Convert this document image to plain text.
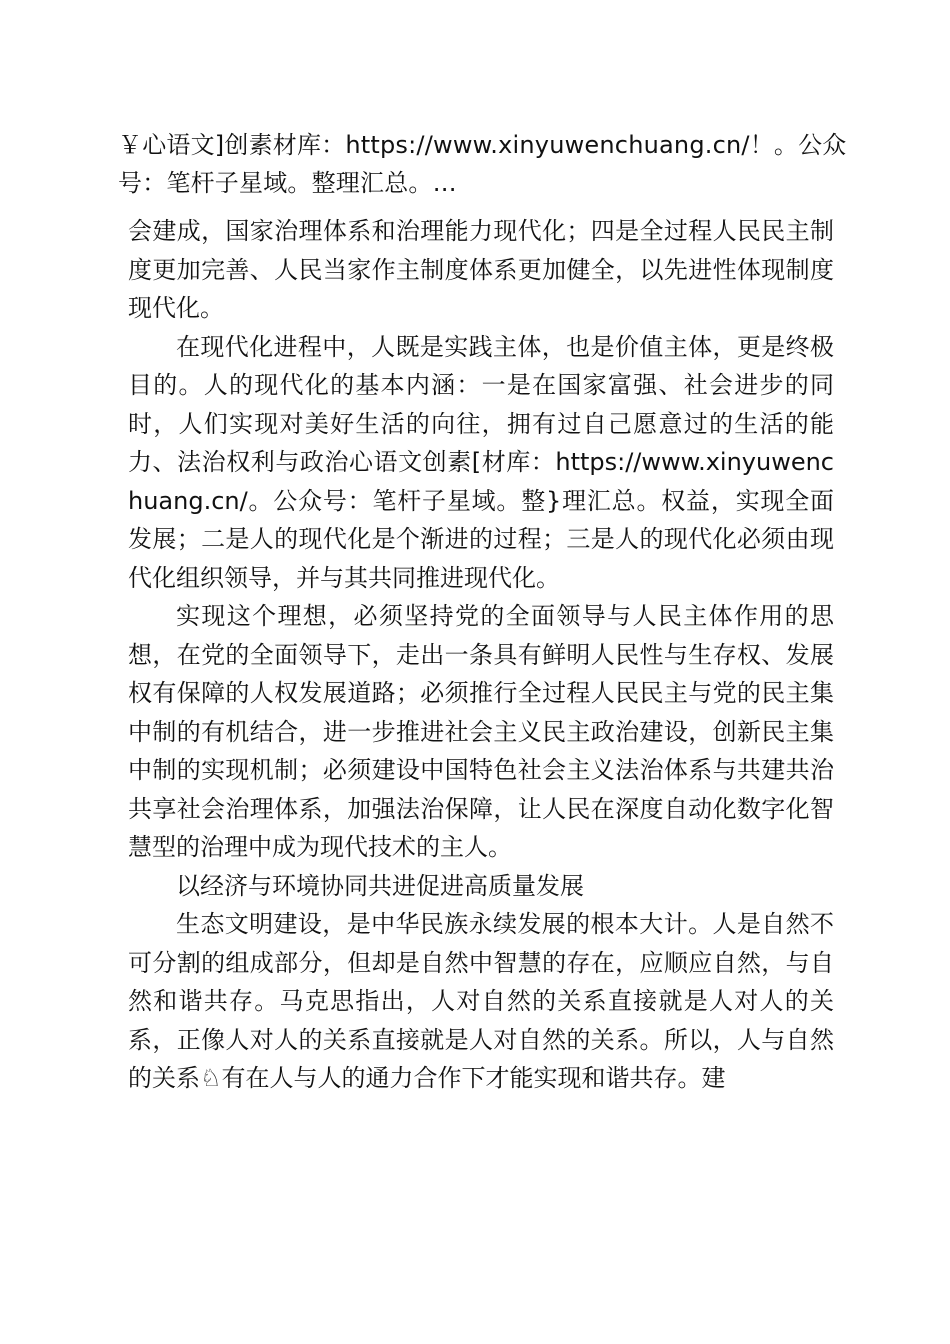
￥心语文]创素材库：https://www.xinyuwenchuang.cn/！。公众号：笔杆子星域。整理汇总。…

会建成，国家治理体系和治理能力现代化；四是全过程人民民主制度更加完善、人民当家作主制度体系更加健全，以先进性体现制度现代化。

在现代化进程中，人既是实践主体，也是价值主体，更是终极目的。人的现代化的基本内涵：一是在国家富强、社会进步的同时，人们实现对美好生活的向往，拥有过自己愿意过的生活的能力、法治权利与政治心语文创素[材库：https://www.xinyuwenchuang.cn/。公众号：笔杆子星域。整}理汇总。权益，实现全面发展；二是人的现代化是个渐进的过程；三是人的现代化必须由现代化组织领导，并与其共同推进现代化。

实现这个理想，必须坚持党的全面领导与人民主体作用的思想，在党的全面领导下，走出一条具有鲜明人民性与生存权、发展权有保障的人权发展道路；必须推行全过程人民民主与党的民主集中制的有机结合，进一步推进社会主义民主政治建设，创新民主集中制的实现机制；必须建设中国特色社会主义法治体系与共建共治共享社会治理体系，加强法治保障，让人民在深度自动化数字化智慧型的治理中成为现代技术的主人。

以经济与环境协同共进促进高质量发展

生态文明建设，是中华民族永续发展的根本大计。人是自然不可分割的组成部分，但却是自然中智慧的存在，应顺应自然，与自然和谐共存。马克思指出，人对自然的关系直接就是人对人的关系，正像人对人的关系直接就是人对自然的关系。所以，人与自然的关系♘有在人与人的通力合作下才能实现和谐共存。建
